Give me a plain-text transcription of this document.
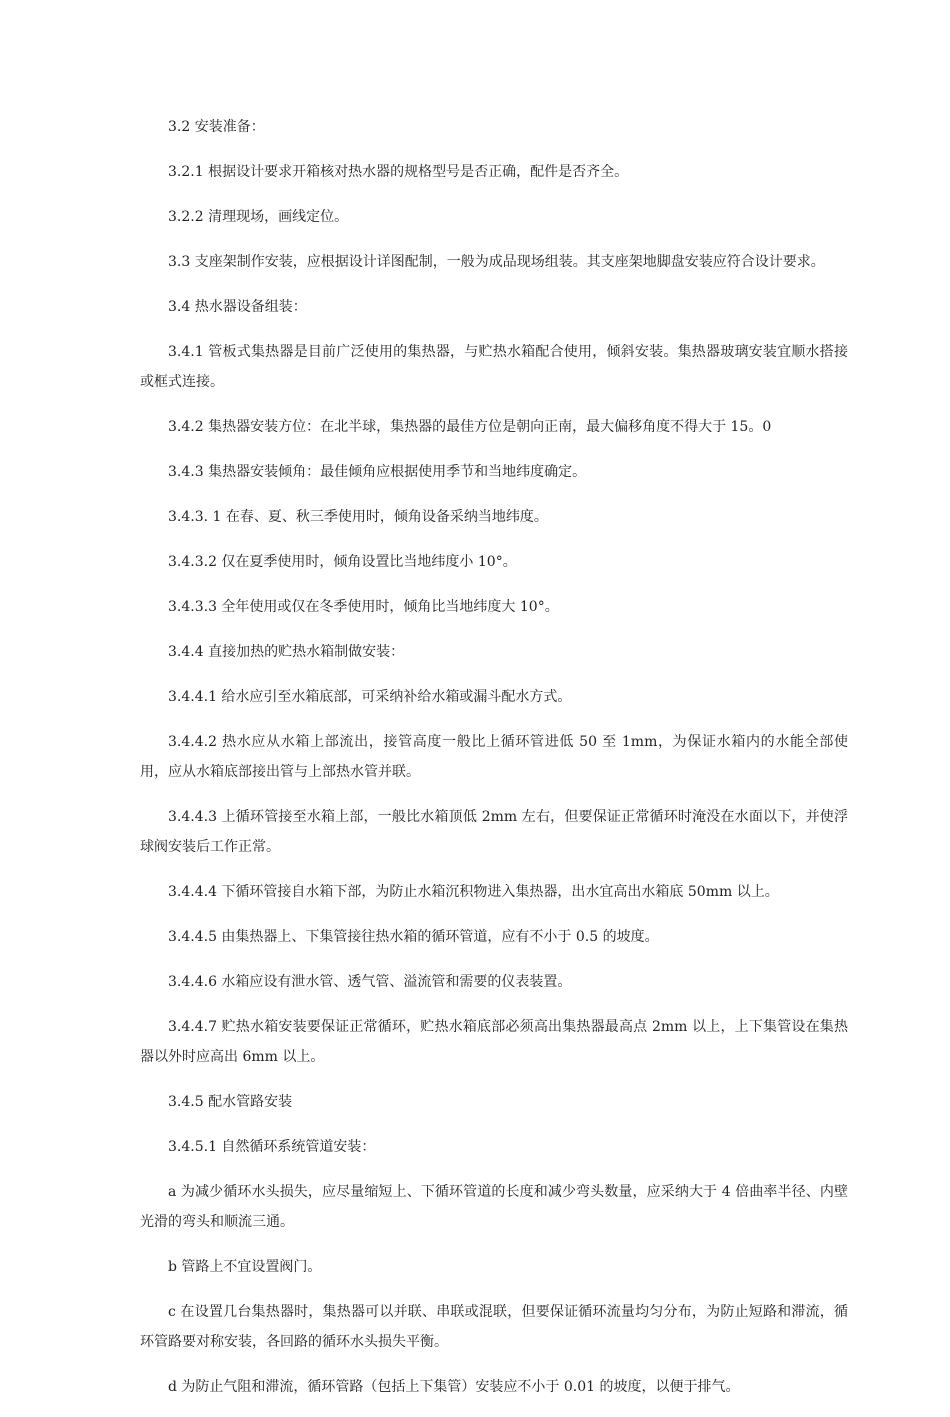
3.2 安装准备：

3.2.1 根据设计要求开箱核对热水器的规格型号是否正确，配件是否齐全。

3.2.2 清理现场，画线定位。

3.3 支座架制作安装，应根据设计详图配制，一般为成品现场组装。其支座架地脚盘安装应符合设计要求。

3.4 热水器设备组装：

3.4.1 管板式集热器是目前广泛使用的集热器，与贮热水箱配合使用，倾斜安装。集热器玻璃安装宜顺水搭接或框式连接。

3.4.2 集热器安装方位：在北半球，集热器的最佳方位是朝向正南，最大偏移角度不得大于 15。0

3.4.3 集热器安装倾角：最佳倾角应根据使用季节和当地纬度确定。

3.4.3. 1 在春、夏、秋三季使用时，倾角设备采纳当地纬度。

3.4.3.2 仅在夏季使用时，倾角设置比当地纬度小 10°。

3.4.3.3 全年使用或仅在冬季使用时，倾角比当地纬度大 10°。

3.4.4 直接加热的贮热水箱制做安装：

3.4.4.1 给水应引至水箱底部，可采纳补给水箱或漏斗配水方式。

3.4.4.2 热水应从水箱上部流出，接管高度一般比上循环管进低 50 至 1mm，为保证水箱内的水能全部使用，应从水箱底部接出管与上部热水管并联。

3.4.4.3 上循环管接至水箱上部，一般比水箱顶低 2mm 左右，但要保证正常循环时淹没在水面以下，并使浮球阀安装后工作正常。

3.4.4.4 下循环管接自水箱下部，为防止水箱沉积物进入集热器，出水宜高出水箱底 50mm 以上。

3.4.4.5 由集热器上、下集管接往热水箱的循环管道，应有不小于 0.5 的坡度。

3.4.4.6 水箱应设有泄水管、透气管、溢流管和需要的仪表装置。

3.4.4.7 贮热水箱安装要保证正常循环，贮热水箱底部必须高出集热器最高点 2mm 以上，上下集管设在集热器以外时应高出 6mm 以上。

3.4.5 配水管路安装

3.4.5.1 自然循环系统管道安装：

a 为减少循环水头损失，应尽量缩短上、下循环管道的长度和减少弯头数量，应采纳大于 4 倍曲率半径、内壁光滑的弯头和顺流三通。

b 管路上不宜设置阀门。

c 在设置几台集热器时，集热器可以并联、串联或混联，但要保证循环流量均匀分布，为防止短路和滞流，循环管路要对称安装，各回路的循环水头损失平衡。

d 为防止气阻和滞流，循环管路（包括上下集管）安装应不小于 0.01 的坡度，以便于排气。
